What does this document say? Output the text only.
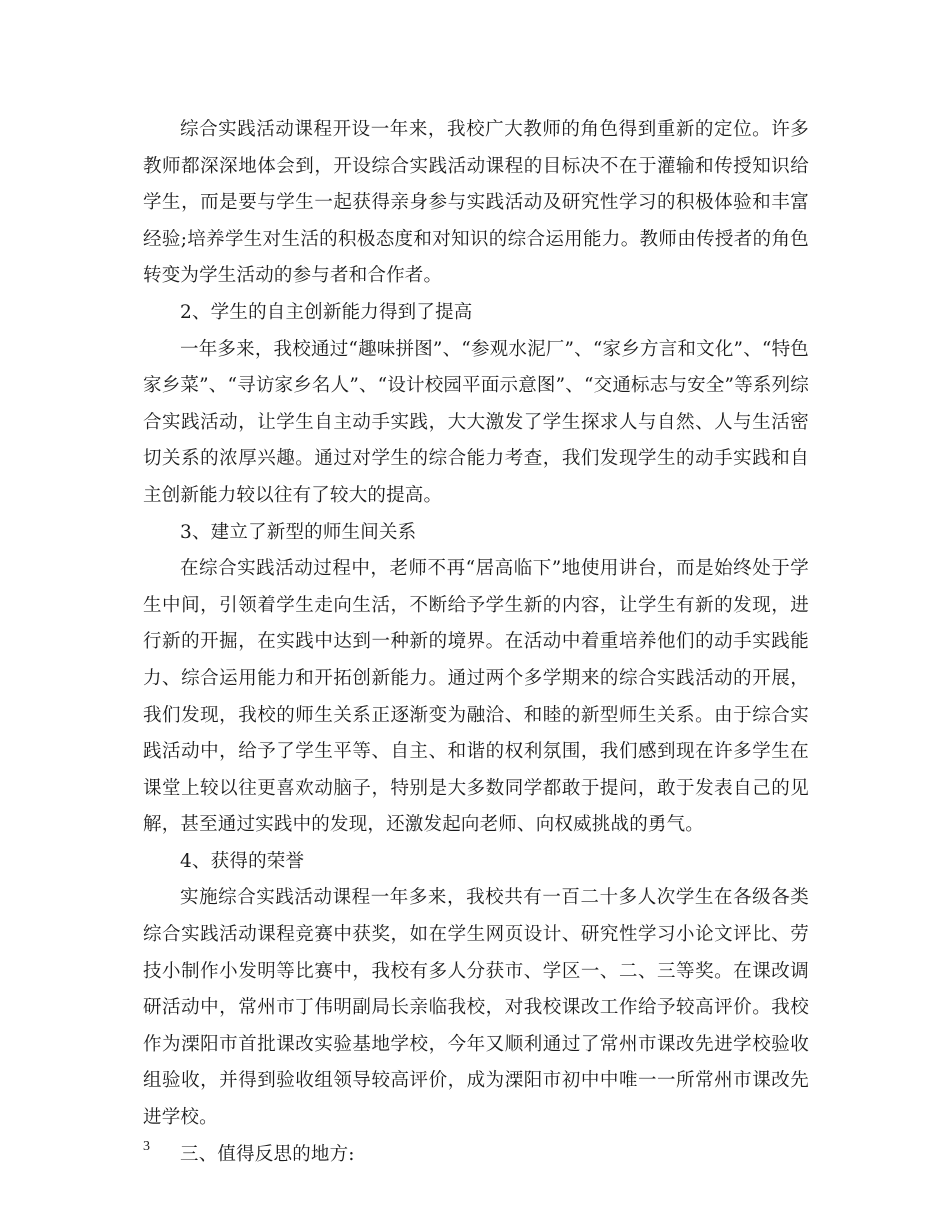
综合实践活动课程开设一年来，我校广大教师的角色得到重新的定位。许多教师都深深地体会到，开设综合实践活动课程的目标决不在于灌输和传授知识给学生，而是要与学生一起获得亲身参与实践活动及研究性学习的积极体验和丰富经验;培养学生对生活的积极态度和对知识的综合运用能力。教师由传授者的角色转变为学生活动的参与者和合作者。

2、学生的自主创新能力得到了提高

一年多来，我校通过“趣味拼图”、“参观水泥厂”、“家乡方言和文化”、“特色家乡菜”、“寻访家乡名人”、“设计校园平面示意图”、“交通标志与安全”等系列综合实践活动，让学生自主动手实践，大大激发了学生探求人与自然、人与生活密切关系的浓厚兴趣。通过对学生的综合能力考查，我们发现学生的动手实践和自主创新能力较以往有了较大的提高。

3、建立了新型的师生间关系

在综合实践活动过程中，老师不再“居高临下”地使用讲台，而是始终处于学生中间，引领着学生走向生活，不断给予学生新的内容，让学生有新的发现，进行新的开掘，在实践中达到一种新的境界。在活动中着重培养他们的动手实践能力、综合运用能力和开拓创新能力。通过两个多学期来的综合实践活动的开展，我们发现，我校的师生关系正逐渐变为融洽、和睦的新型师生关系。由于综合实践活动中，给予了学生平等、自主、和谐的权利氛围，我们感到现在许多学生在课堂上较以往更喜欢动脑子，特别是大多数同学都敢于提问，敢于发表自己的见解，甚至通过实践中的发现，还激发起向老师、向权威挑战的勇气。

4、获得的荣誉

实施综合实践活动课程一年多来，我校共有一百二十多人次学生在各级各类综合实践活动课程竞赛中获奖，如在学生网页设计、研究性学习小论文评比、劳技小制作小发明等比赛中，我校有多人分获市、学区一、二、三等奖。在课改调研活动中，常州市丁伟明副局长亲临我校，对我校课改工作给予较高评价。我校作为溧阳市首批课改实验基地学校，今年又顺利通过了常州市课改先进学校验收组验收，并得到验收组领导较高评价，成为溧阳市初中中唯一一所常州市课改先进学校。

三、值得反思的地方:

3
